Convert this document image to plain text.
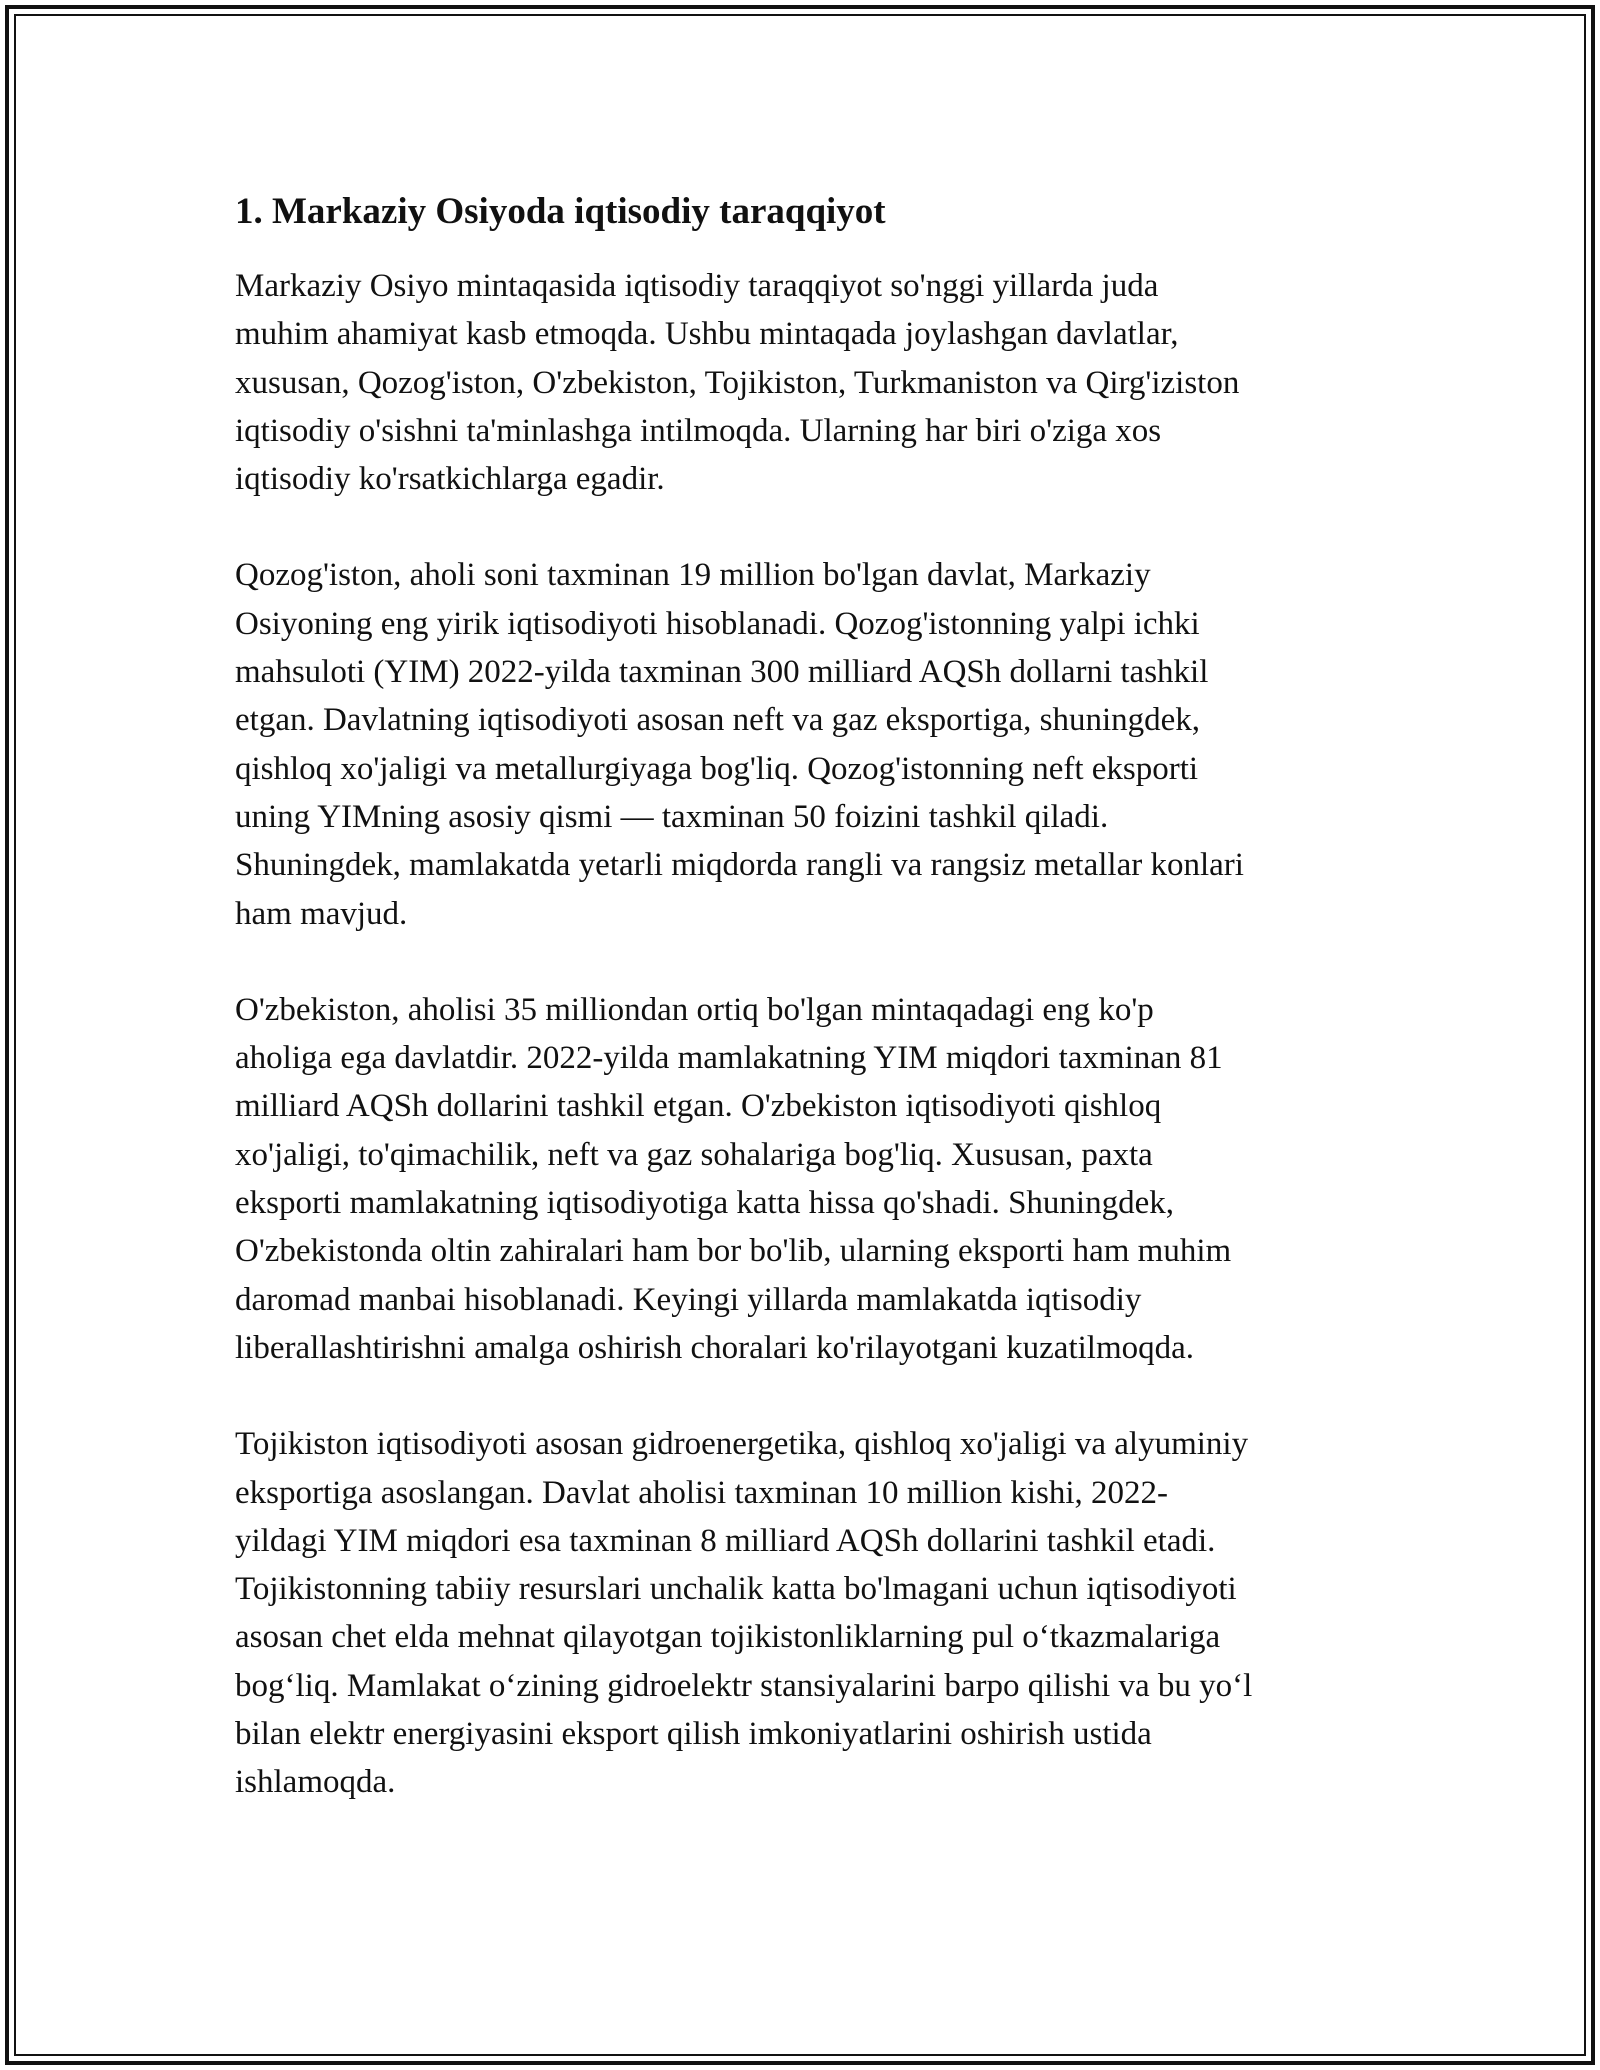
1. Markaziy Osiyoda iqtisodiy taraqqiyot

Markaziy Osiyo mintaqasida iqtisodiy taraqqiyot so'nggi yillarda juda
muhim ahamiyat kasb etmoqda. Ushbu mintaqada joylashgan davlatlar,
xususan, Qozog'iston, O'zbekiston, Tojikiston, Turkmaniston va Qirg'iziston
iqtisodiy o'sishni ta'minlashga intilmoqda. Ularning har biri o'ziga xos
iqtisodiy ko'rsatkichlarga egadir.

Qozog'iston, aholi soni taxminan 19 million bo'lgan davlat, Markaziy
Osiyoning eng yirik iqtisodiyoti hisoblanadi. Qozog'istonning yalpi ichki
mahsuloti (YIM) 2022-yilda taxminan 300 milliard AQSh dollarni tashkil
etgan. Davlatning iqtisodiyoti asosan neft va gaz eksportiga, shuningdek,
qishloq xo'jaligi va metallurgiyaga bog'liq. Qozog'istonning neft eksporti
uning YIMning asosiy qismi — taxminan 50 foizini tashkil qiladi.
Shuningdek, mamlakatda yetarli miqdorda rangli va rangsiz metallar konlari
ham mavjud.

O'zbekiston, aholisi 35 milliondan ortiq bo'lgan mintaqadagi eng ko'p
aholiga ega davlatdir. 2022-yilda mamlakatning YIM miqdori taxminan 81
milliard AQSh dollarini tashkil etgan. O'zbekiston iqtisodiyoti qishloq
xo'jaligi, to'qimachilik, neft va gaz sohalariga bog'liq. Xususan, paxta
eksporti mamlakatning iqtisodiyotiga katta hissa qo'shadi. Shuningdek,
O'zbekistonda oltin zahiralari ham bor bo'lib, ularning eksporti ham muhim
daromad manbai hisoblanadi. Keyingi yillarda mamlakatda iqtisodiy
liberallashtirishni amalga oshirish choralari ko'rilayotgani kuzatilmoqda.

Tojikiston iqtisodiyoti asosan gidroenergetika, qishloq xo'jaligi va alyuminiy
eksportiga asoslangan. Davlat aholisi taxminan 10 million kishi, 2022-
yildagi YIM miqdori esa taxminan 8 milliard AQSh dollarini tashkil etadi.
Tojikistonning tabiiy resurslari unchalik katta bo'lmagani uchun iqtisodiyoti
asosan chet elda mehnat qilayotgan tojikistonliklarning pul o‘tkazmalariga
bog‘liq. Mamlakat o‘zining gidroelektr stansiyalarini barpo qilishi va bu yo‘l
bilan elektr energiyasini eksport qilish imkoniyatlarini oshirish ustida
ishlamoqda.
